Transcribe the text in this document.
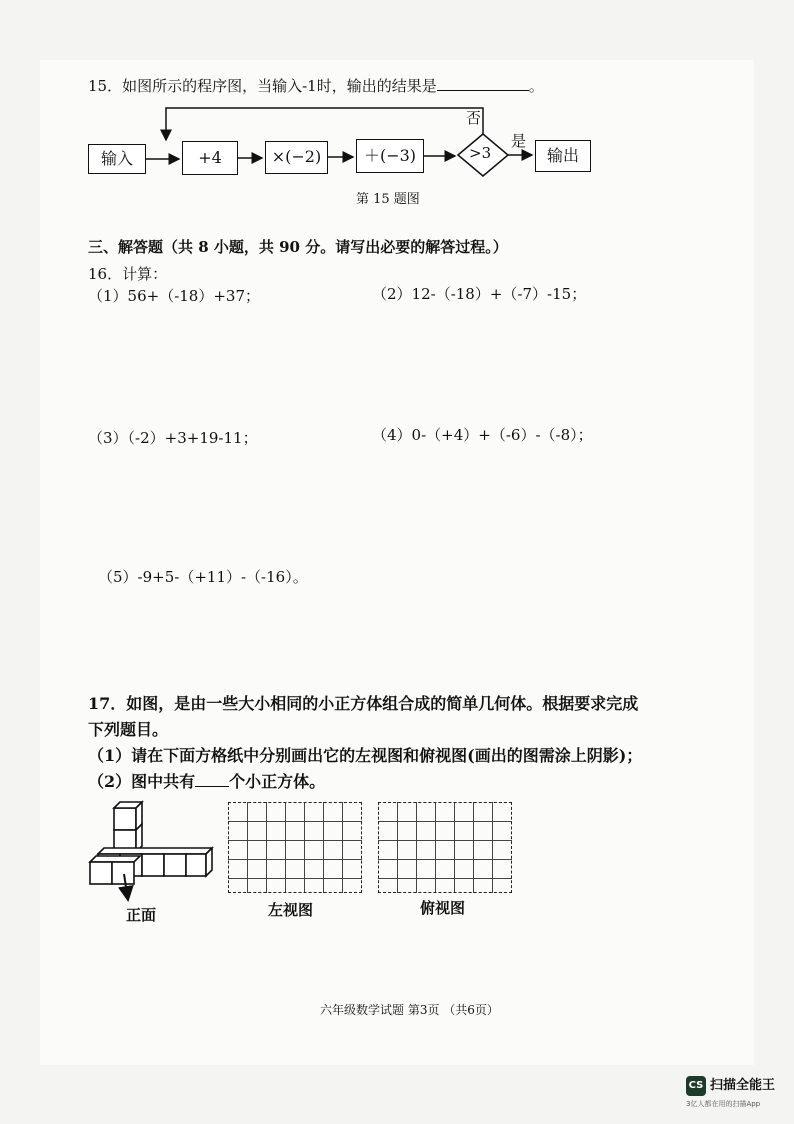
15．如图所示的程序图，当输入-1时，输出的结果是	。
输入	+4	×(−2)	＋(−3)	输出
>3
否
是
第 15 题图
三、解答题（共 8 小题，共 90 分。请写出必要的解答过程。）
16．计算：
（1）56+（-18）+37；	（2）12-（-18）+（-7）-15；
（3）（-2）+3+19-11；	（4）0-（+4）+（-6）-（-8）；
（5）-9+5-（+11）-（-16）。
17．如图，是由一些大小相同的小正方体组合成的简单几何体。根据要求完成
下列题目。
（1）请在下面方格纸中分别画出它的左视图和俯视图(画出的图需涂上阴影)；
（2）图中共有 个小正方体。
正面	左视图	俯视图
六年级数学试题 第3页 （共6页）
CS 扫描全能王
3亿人都在用的扫描App
